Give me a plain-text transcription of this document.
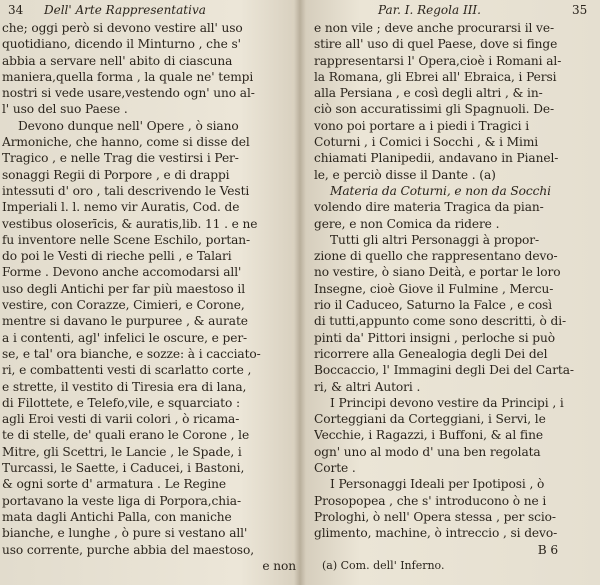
34 Dell' Arte Rappresentativa
che; oggi però si devono vestire all' uso
quotidiano, dicendo il Minturno , che s'
abbia a servare nell' abito di ciascuna
maniera,quella forma , la quale ne' tempi
nostri si vede usare,vestendo ogn' uno al-
l' uso del suo Paese .
Devono dunque nell' Opere , ò siano
Armoniche, che hanno, come si disse del
Tragico , e nelle Trag die vestirsi i Per-
sonaggi Regii di Porpore , e di drappi
intessuti d' oro , tali descrivendo le Vesti
Imperiali l. l. nemo vir Auratis, Cod. de
vestibus oloserīcis, & auratis,lib. 11 . e ne
fu inventore nelle Scene Eschilo, portan-
do poi le Vesti di rieche pelli , e Talari
Forme . Devono anche accomodarsi all'
uso degli Antichi per far più maestoso il
vestire, con Corazze, Cimieri, e Corone,
mentre si davano le purpuree , & aurate
a i contenti, agl' infelici le oscure, e per-
se, e tal' ora bianche, e sozze: à i cacciato-
ri, e combattenti vesti di scarlatto corte ,
e strette, il vestito di Tiresia era di lana,
di Filottete, e Telefo,vile, e squarciato :
agli Eroi vesti di varii colori , ò ricama-
te di stelle, de' quali erano le Corone , le
Mitre, gli Scettri, le Lancie , le Spade, i
Turcassi, le Saette, i Caducei, i Bastoni,
& ogni sorte d' armatura . Le Regine
portavano la veste liga di Porpora,chia-
mata dagli Antichi Palla, con maniche
bianche, e lunghe , ò pure si vestano all'
uso corrente, purche abbia del maestoso,
e non
Par. I. Regola III.	35
e non vile ; deve anche procurarsi il ve-
stire all' uso di quel Paese, dove si finge
rappresentarsi l' Opera,cioè i Romani al-
la Romana, gli Ebrei all' Ebraica, i Persi
alla Persiana , e così degli altri , & in-
ciò son accuratissimi gli Spagnuoli. De-
vono poi portare a i piedi i Tragici i
Coturni , i Comici i Socchi , & i Mimi
chiamati Planipedii, andavano in Pianel-
le, e perciò disse il Dante . (a)
Materia da Coturni, e non da Socchi
volendo dire materia Tragica da pian-
gere, e non Comica da ridere .
Tutti gli altri Personaggi à propor-
zione di quello che rappresentano devo-
no vestire, ò siano Deità, e portar le loro
Insegne, cioè Giove il Fulmine , Mercu-
rio il Caduceo, Saturno la Falce , e così
di tutti,appunto come sono descritti, ò di-
pinti da' Pittori insigni , perloche si può
ricorrere alla Genealogia degli Dei del
Boccaccio, l' Immagini degli Dei del Carta-
ri, & altri Autori .
I Principi devono vestire da Principi , i
Corteggiani da Corteggiani, i Servi, le
Vecchie, i Ragazzi, i Buffoni, & al fine
ogn' uno al modo d' una ben regolata
Corte .
I Personaggi Ideali per Ipotiposi , ò
Prosopopea , che s' introducono ò ne i
Prologhi, ò nell' Opera stessa , per scio-
glimento, machine, ò intreccio , si devo-
B 6
(a) Com. dell' Inferno.
